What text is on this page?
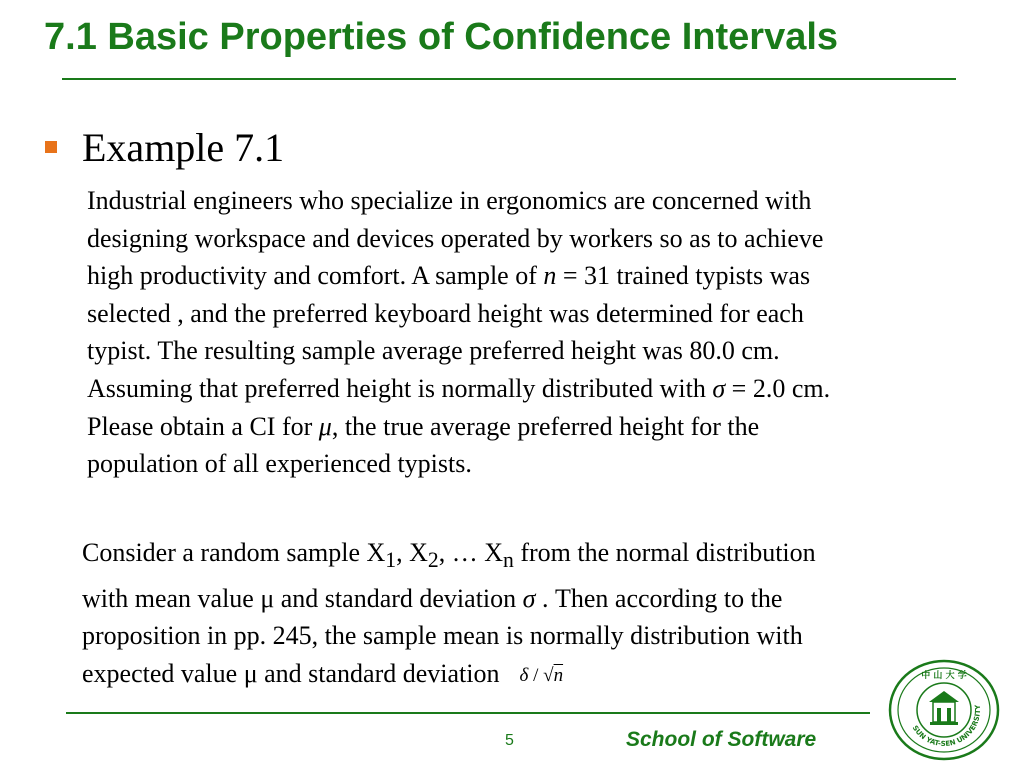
7.1 Basic Properties of Confidence Intervals
Example 7.1
Industrial engineers who specialize in ergonomics are concerned with
designing workspace and devices operated by workers so as to achieve
high productivity and comfort. A sample of n = 31 trained typists was
selected , and the preferred keyboard height was determined for each
typist. The resulting sample average preferred height was 80.0 cm.
Assuming that preferred height is normally distributed with σ = 2.0 cm.
Please obtain a CI for μ, the true average preferred height for the
population of all experienced typists.
Consider a random sample $X_1$, $X_2$, … $X_n$ from the normal distribution
with mean value μ and standard deviation σ . Then according to the
proposition in pp. 245, the sample mean is normally distribution with
expected value μ and standard deviation δ / √n
5	School of Software
中 山 大 学
SUN YAT-SEN UNIVERSITY
